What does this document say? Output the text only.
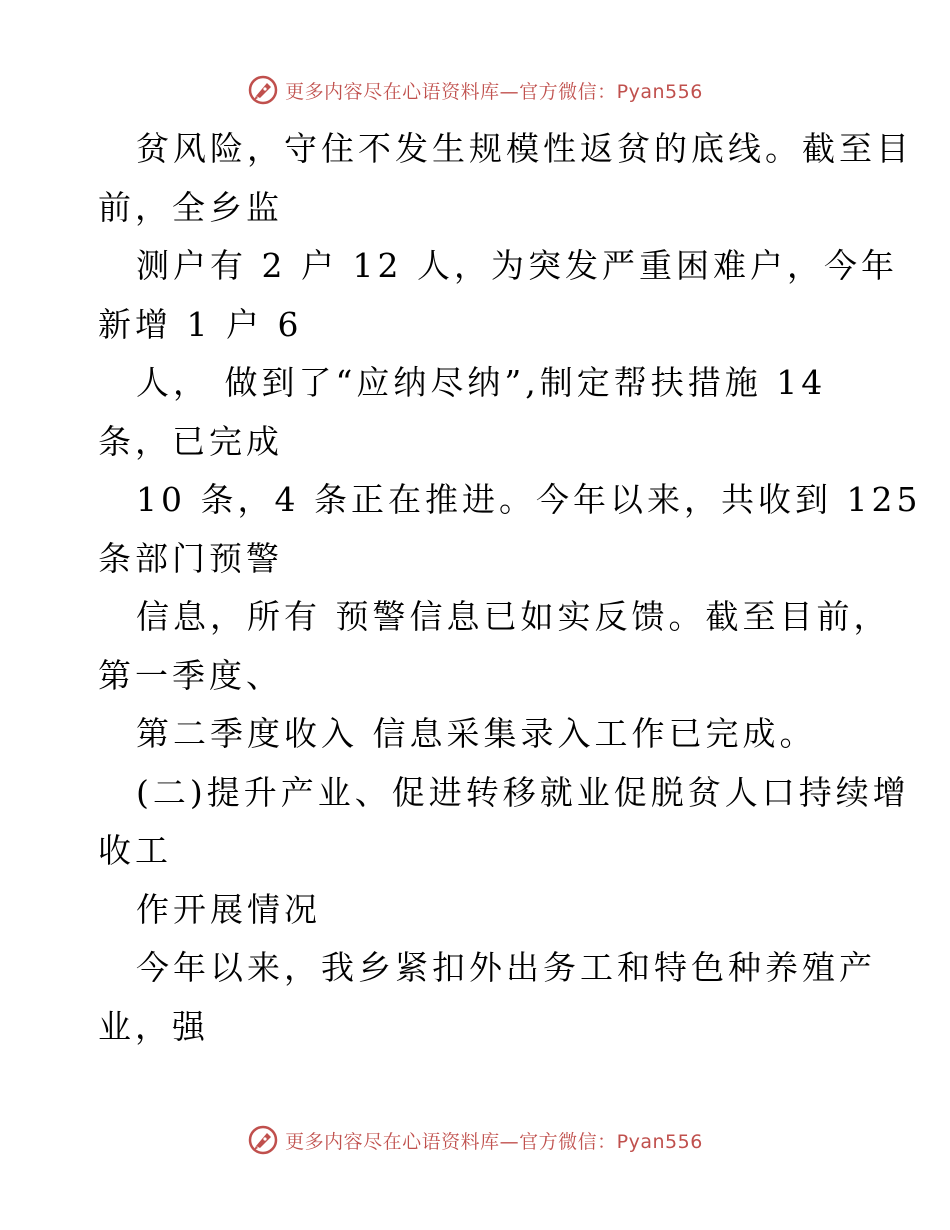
更多内容尽在心语资料库—官方微信：Pyan556
贫风险，守住不发生规模性返贫的底线。截至目
前，全乡监
测户有 2 户 12 人，为突发严重困难户，今年
新增 1 户 6
人， 做到了“应纳尽纳”,制定帮扶措施 14
条，已完成
10 条，4 条正在推进。今年以来，共收到 125
条部门预警
信息，所有 预警信息已如实反馈。截至目前，
第一季度、
第二季度收入 信息采集录入工作已完成。
(二)提升产业、促进转移就业促脱贫人口持续增
收工
作开展情况
今年以来，我乡紧扣外出务工和特色种养殖产
业，强
更多内容尽在心语资料库—官方微信：Pyan556
